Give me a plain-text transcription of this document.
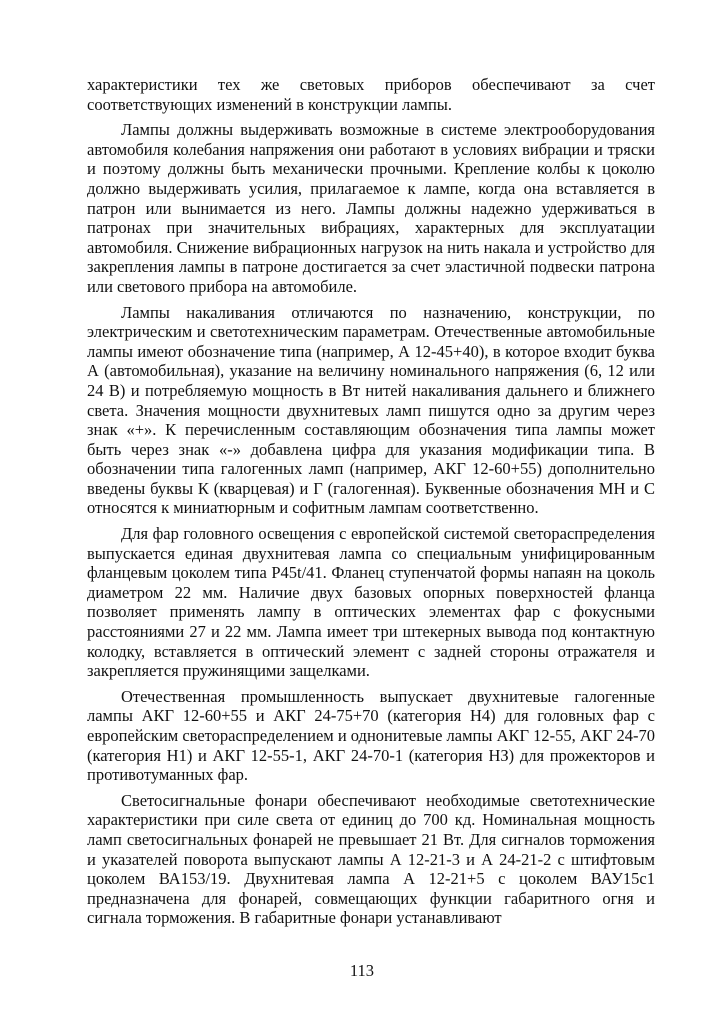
характеристики тех же световых приборов обеспечивают за счет соответствующих изменений в конструкции лампы.

Лампы должны выдерживать возможные в системе электрооборудования автомобиля колебания напряжения они работают в условиях вибрации и тряски и поэтому должны быть механически прочными. Крепление колбы к цоколю должно выдерживать усилия, прилагаемое к лампе, когда она вставляется в патрон или вынимается из него. Лампы должны надежно удерживаться в патронах при значительных вибрациях, характерных для эксплуатации автомобиля. Снижение вибрационных нагрузок на нить накала и устройство для закрепления лампы в патроне достигается за счет эластичной подвески патрона или светового прибора на автомобиле.

Лампы накаливания отличаются по назначению, конструкции, по электрическим и светотехническим параметрам. Отечественные автомобильные лампы имеют обозначение типа (например, А 12-45+40), в которое входит буква А (автомобильная), указание на величину номинального напряжения (6, 12 или 24 В) и потребляемую мощность в Вт нитей накаливания дальнего и ближнего света. Значения мощности двухнитевых ламп пишутся одно за другим через знак «+». К перечисленным составляющим обозначения типа лампы может быть через знак «-» добавлена цифра для указания модификации типа. В обозначении типа галогенных ламп (например, АКГ 12-60+55) дополнительно введены буквы К (кварцевая) и Г (галогенная). Буквенные обозначения МН и С относятся к миниатюрным и софитным лампам соответственно.

Для фар головного освещения с европейской системой светораспределения выпускается единая двухнитевая лампа со специальным унифицированным фланцевым цоколем типа P45t/41. Фланец ступенчатой формы напаян на цоколь диаметром 22 мм. Наличие двух базовых опорных поверхностей фланца позволяет применять лампу в оптических элементах фар с фокусными расстояниями 27 и 22 мм. Лампа имеет три штекерных вывода под контактную колодку, вставляется в оптический элемент с задней стороны отражателя и закрепляется пружинящими защелками.

Отечественная промышленность выпускает двухнитевые галогенные лампы АКГ 12-60+55 и АКГ 24-75+70 (категория Н4) для головных фар с европейским светораспределением и однонитевые лампы АКГ 12-55, АКГ 24-70 (категория Н1) и АКГ 12-55-1, АКГ 24-70-1 (категория НЗ) для прожекторов и противотуманных фар.

Светосигнальные фонари обеспечивают необходимые светотехнические характеристики при силе света от единиц до 700 кд. Номинальная мощность ламп светосигнальных фонарей не превышает 21 Вт. Для сигналов торможения и указателей поворота выпускают лампы А 12-21-3 и А 24-21-2 с штифтовым цоколем ВА153/19. Двухнитевая лампа А 12-21+5 с цоколем ВАУ15с1 предназначена для фонарей, совмещающих функции габаритного огня и сигнала торможения. В габаритные фонари устанавливают

113
